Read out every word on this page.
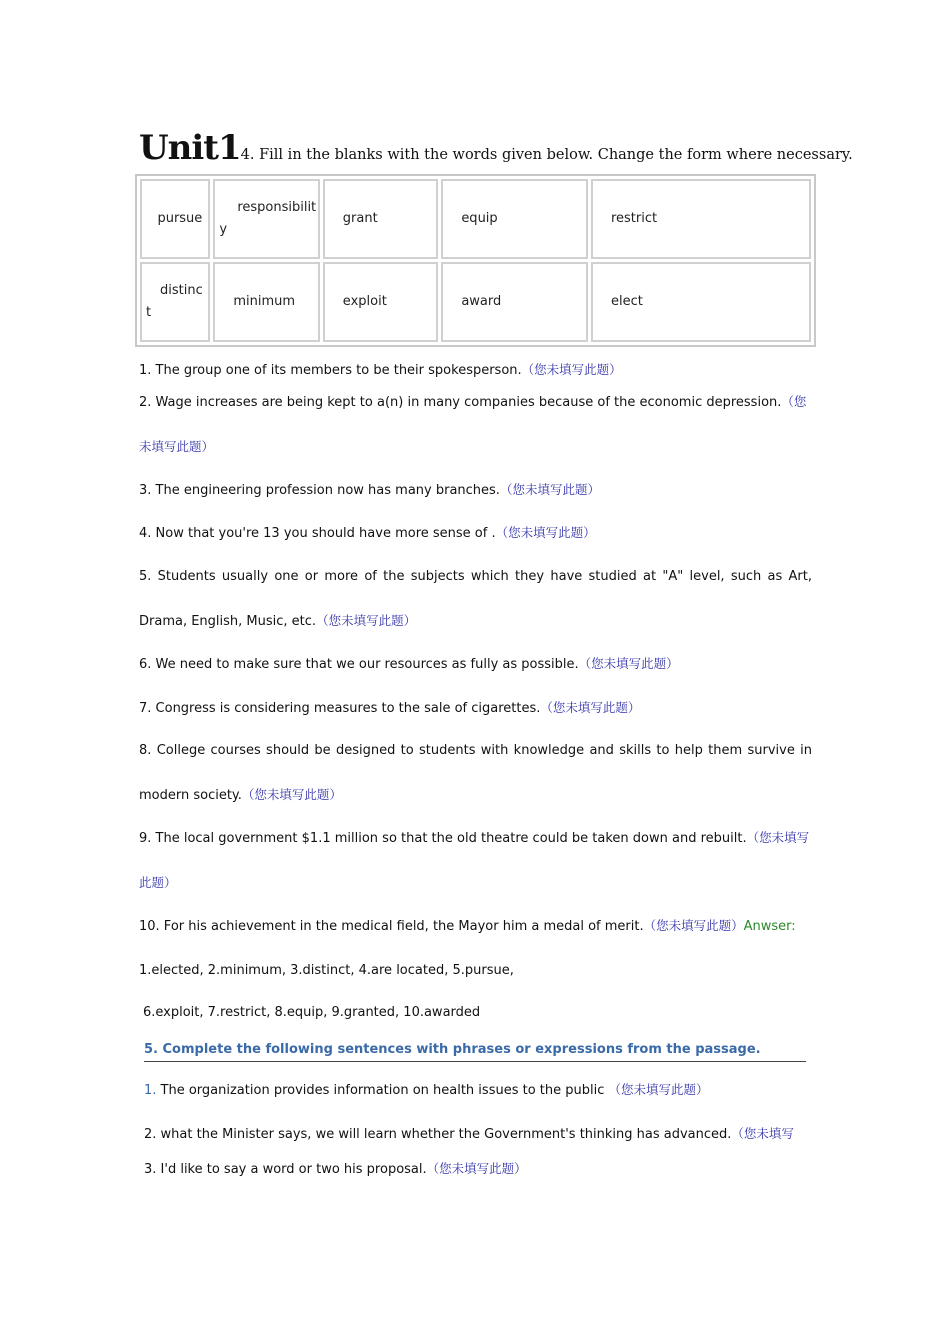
Unit14. Fill in the blanks with the words given below. Change the form where necessary.
pursue	responsibility	grant	equip	restrict

distinct	minimum	exploit	award	elect
1. The group one of its members to be their spokesperson.（您未填写此题）
2. Wage increases are being kept to a(n) in many companies because of the economic depression.（您未填写此题）
3. The engineering profession now has many branches.（您未填写此题）
4. Now that you're 13 you should have more sense of .（您未填写此题）
5. Students usually one or more of the subjects which they have studied at "A" level, such as Art, Drama, English, Music, etc.（您未填写此题）
6. We need to make sure that we our resources as fully as possible.（您未填写此题）
7. Congress is considering measures to the sale of cigarettes.（您未填写此题）
8. College courses should be designed to students with knowledge and skills to help them survive in modern society.（您未填写此题）
9. The local government $1.1 million so that the old theatre could be taken down and rebuilt.（您未填写此题）
10. For his achievement in the medical field, the Mayor him a medal of merit.（您未填写此题）Anwser:
1.elected, 2.minimum, 3.distinct, 4.are located, 5.pursue,
6.exploit, 7.restrict, 8.equip, 9.granted, 10.awarded
5. Complete the following sentences with phrases or expressions from the passage.
1. The organization provides information on health issues to the public （您未填写此题）
2. what the Minister says, we will learn whether the Government's thinking has advanced.（您未填写
3. I'd like to say a word or two his proposal.（您未填写此题）
